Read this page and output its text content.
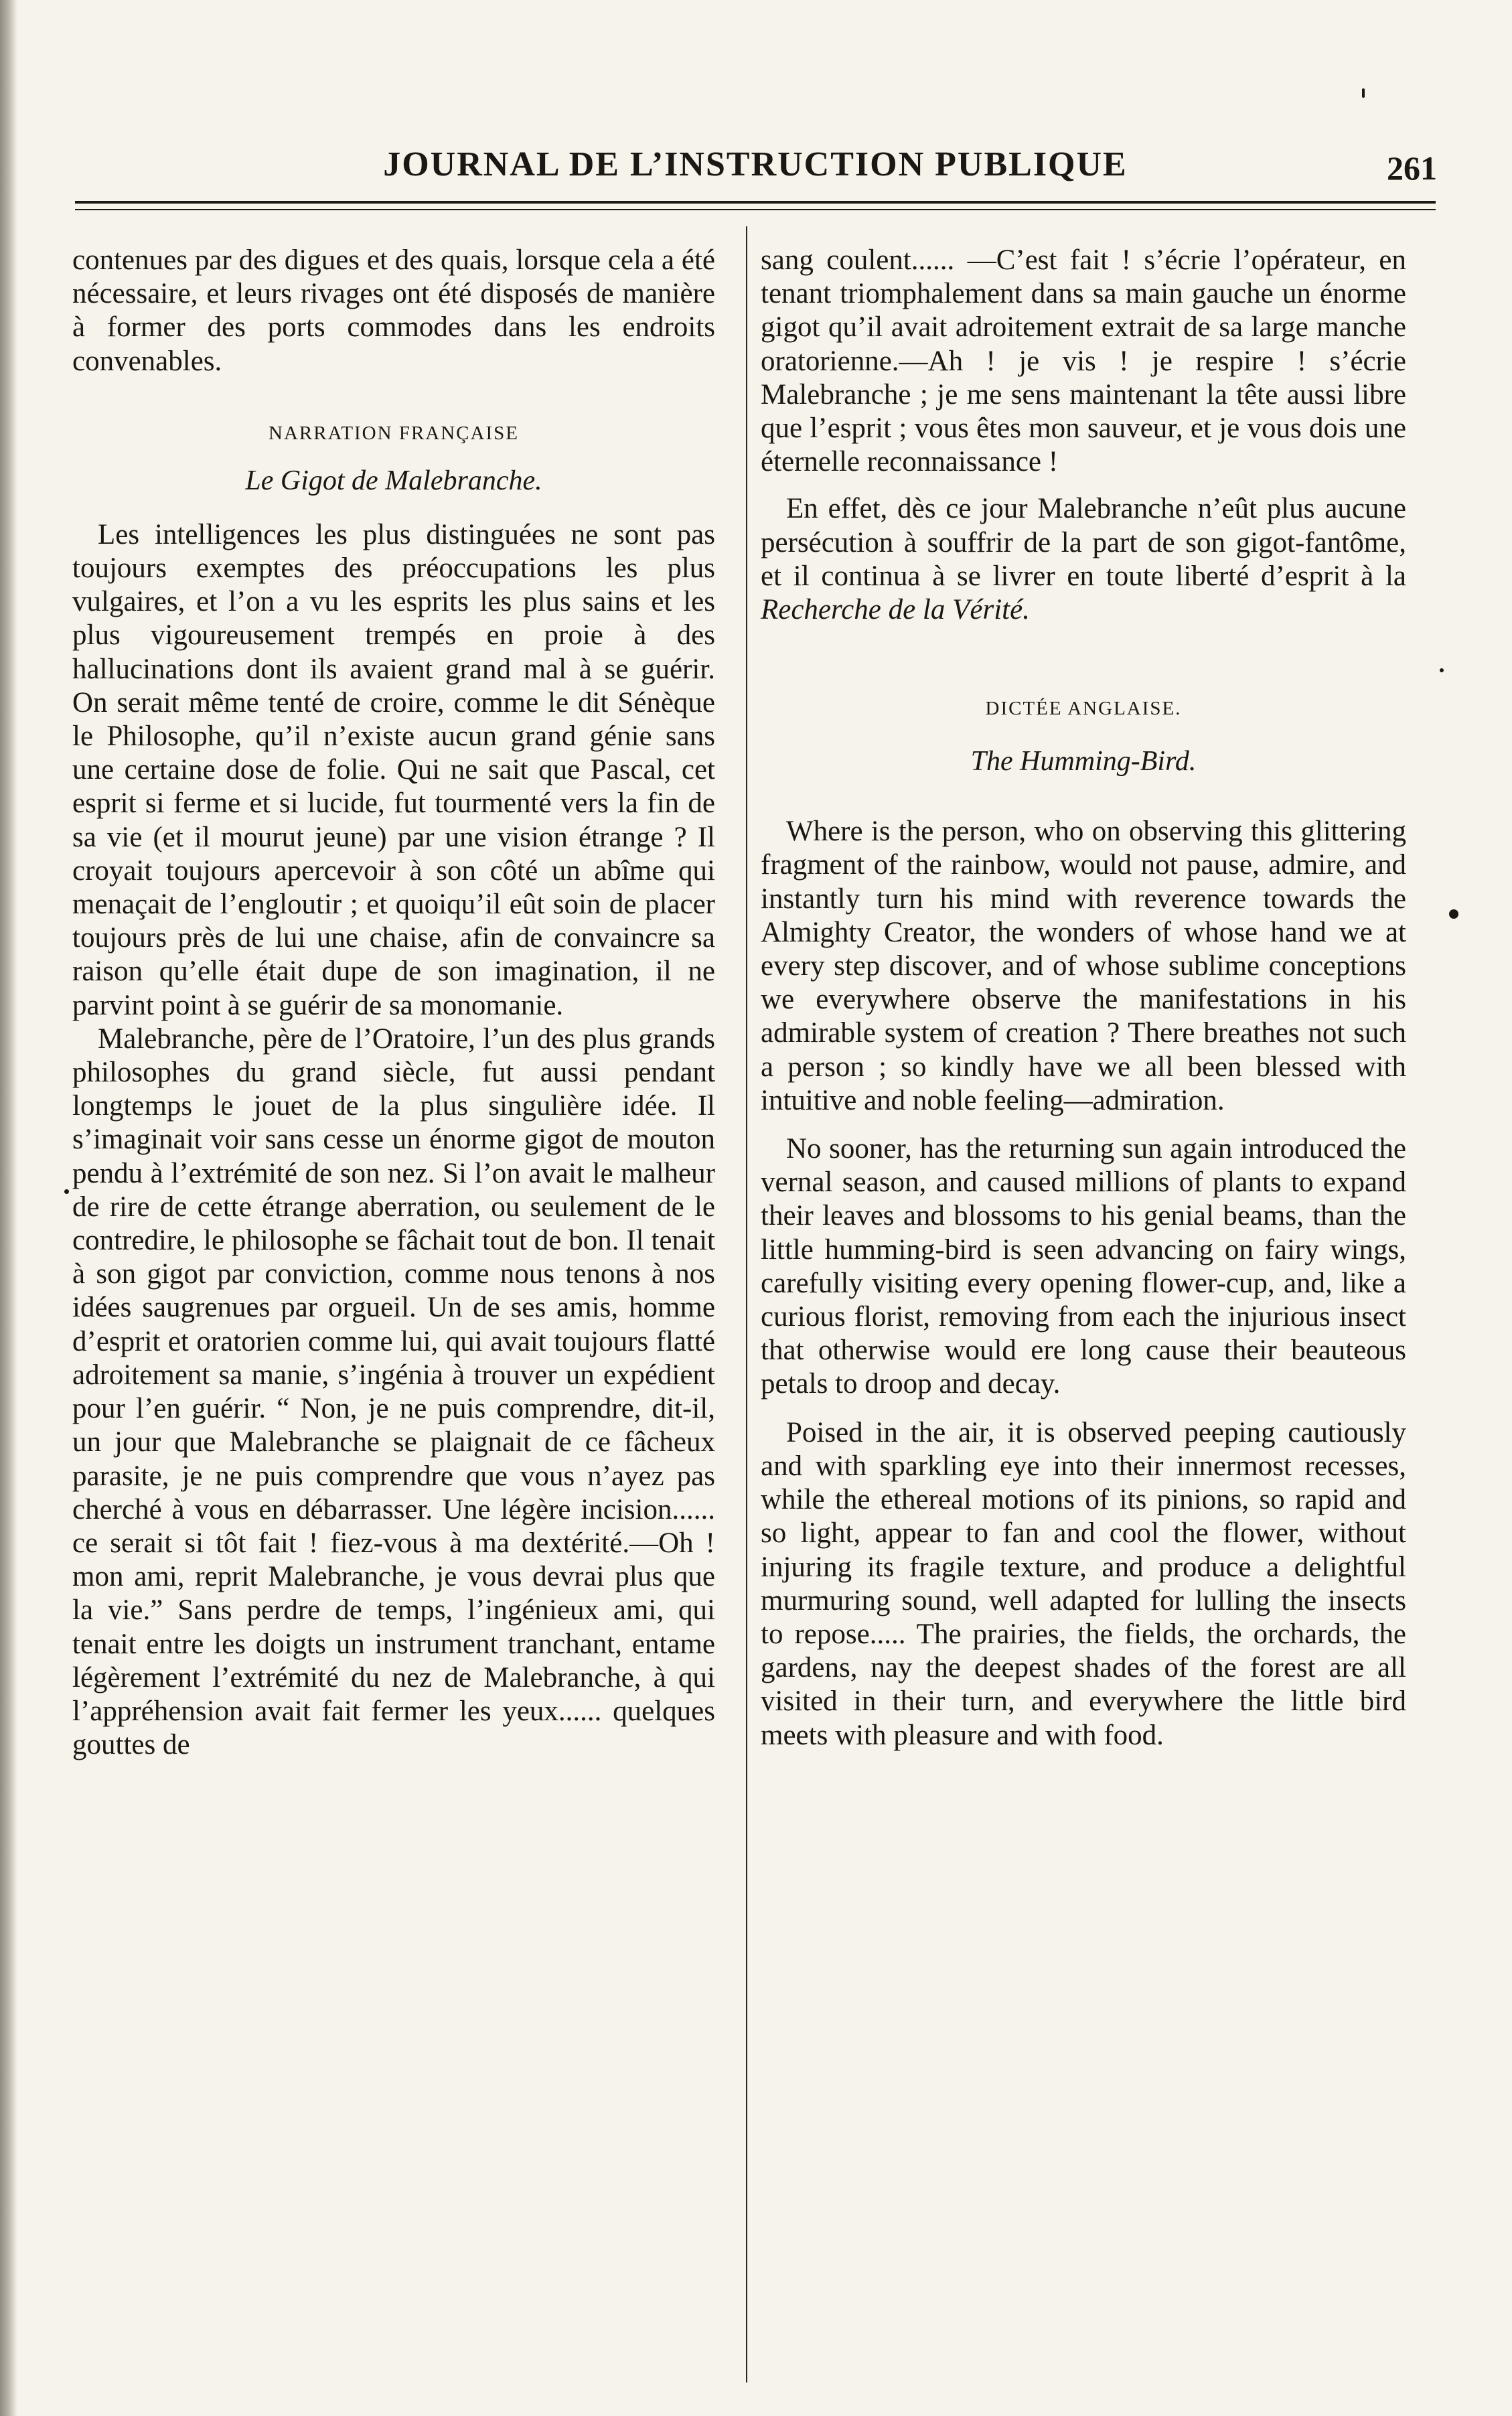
JOURNAL DE L’INSTRUCTION PUBLIQUE	261

contenues par des digues et des quais, lorsque cela a été nécessaire, et leurs rivages ont été disposés de manière à former des ports commodes dans les endroits convenables.

NARRATION FRANÇAISE
Le Gigot de Malebranche.

Les intelligences les plus distinguées ne sont pas toujours exemptes des préoccupations les plus vulgaires, et l’on a vu les esprits les plus sains et les plus vigoureusement trempés en proie à des hallucinations dont ils avaient grand mal à se guérir. On serait même tenté de croire, comme le dit Sénèque le Philosophe, qu’il n’existe aucun grand génie sans une certaine dose de folie. Qui ne sait que Pascal, cet esprit si ferme et si lucide, fut tourmenté vers la fin de sa vie (et il mourut jeune) par une vision étrange ? Il croyait toujours apercevoir à son côté un abîme qui menaçait de l’engloutir ; et quoiqu’il eût soin de placer toujours près de lui une chaise, afin de convaincre sa raison qu’elle était dupe de son imagination, il ne parvint point à se guérir de sa monomanie.

Malebranche, père de l’Oratoire, l’un des plus grands philosophes du grand siècle, fut aussi pendant longtemps le jouet de la plus singulière idée. Il s’imaginait voir sans cesse un énorme gigot de mouton pendu à l’extrémité de son nez. Si l’on avait le malheur de rire de cette étrange aberration, ou seulement de le contredire, le philosophe se fâchait tout de bon. Il tenait à son gigot par conviction, comme nous tenons à nos idées saugrenues par orgueil. Un de ses amis, homme d’esprit et oratorien comme lui, qui avait toujours flatté adroitement sa manie, s’ingénia à trouver un expédient pour l’en guérir. “ Non, je ne puis comprendre, dit-il, un jour que Malebranche se plaignait de ce fâcheux parasite, je ne puis comprendre que vous n’ayez pas cherché à vous en débarrasser. Une légère incision...... ce serait si tôt fait ! fiez-vous à ma dextérité.—Oh ! mon ami, reprit Malebranche, je vous devrai plus que la vie.” Sans perdre de temps, l’ingénieux ami, qui tenait entre les doigts un instrument tranchant, entame légèrement l’extrémité du nez de Malebranche, à qui l’appréhension avait fait fermer les yeux...... quelques gouttes de

sang coulent...... —C’est fait ! s’écrie l’opérateur, en tenant triomphalement dans sa main gauche un énorme gigot qu’il avait adroitement extrait de sa large manche oratorienne.—Ah ! je vis ! je respire ! s’écrie Malebranche ; je me sens maintenant la tête aussi libre que l’esprit ; vous êtes mon sauveur, et je vous dois une éternelle reconnaissance !

En effet, dès ce jour Malebranche n’eût plus aucune persécution à souffrir de la part de son gigot-fantôme, et il continua à se livrer en toute liberté d’esprit à la Recherche de la Vérité.

DICTÉE ANGLAISE.
The Humming-Bird.

Where is the person, who on observing this glittering fragment of the rainbow, would not pause, admire, and instantly turn his mind with reverence towards the Almighty Creator, the wonders of whose hand we at every step discover, and of whose sublime conceptions we everywhere observe the manifestations in his admirable system of creation ? There breathes not such a person ; so kindly have we all been blessed with intuitive and noble feeling—admiration.

No sooner, has the returning sun again introduced the vernal season, and caused millions of plants to expand their leaves and blossoms to his genial beams, than the little humming-bird is seen advancing on fairy wings, carefully visiting every opening flower-cup, and, like a curious florist, removing from each the injurious insect that otherwise would ere long cause their beauteous petals to droop and decay.

Poised in the air, it is observed peeping cautiously and with sparkling eye into their innermost recesses, while the ethereal motions of its pinions, so rapid and so light, appear to fan and cool the flower, without injuring its fragile texture, and produce a delightful murmuring sound, well adapted for lulling the insects to repose..... The prairies, the fields, the orchards, the gardens, nay the deepest shades of the forest are all visited in their turn, and everywhere the little bird meets with pleasure and with food.
